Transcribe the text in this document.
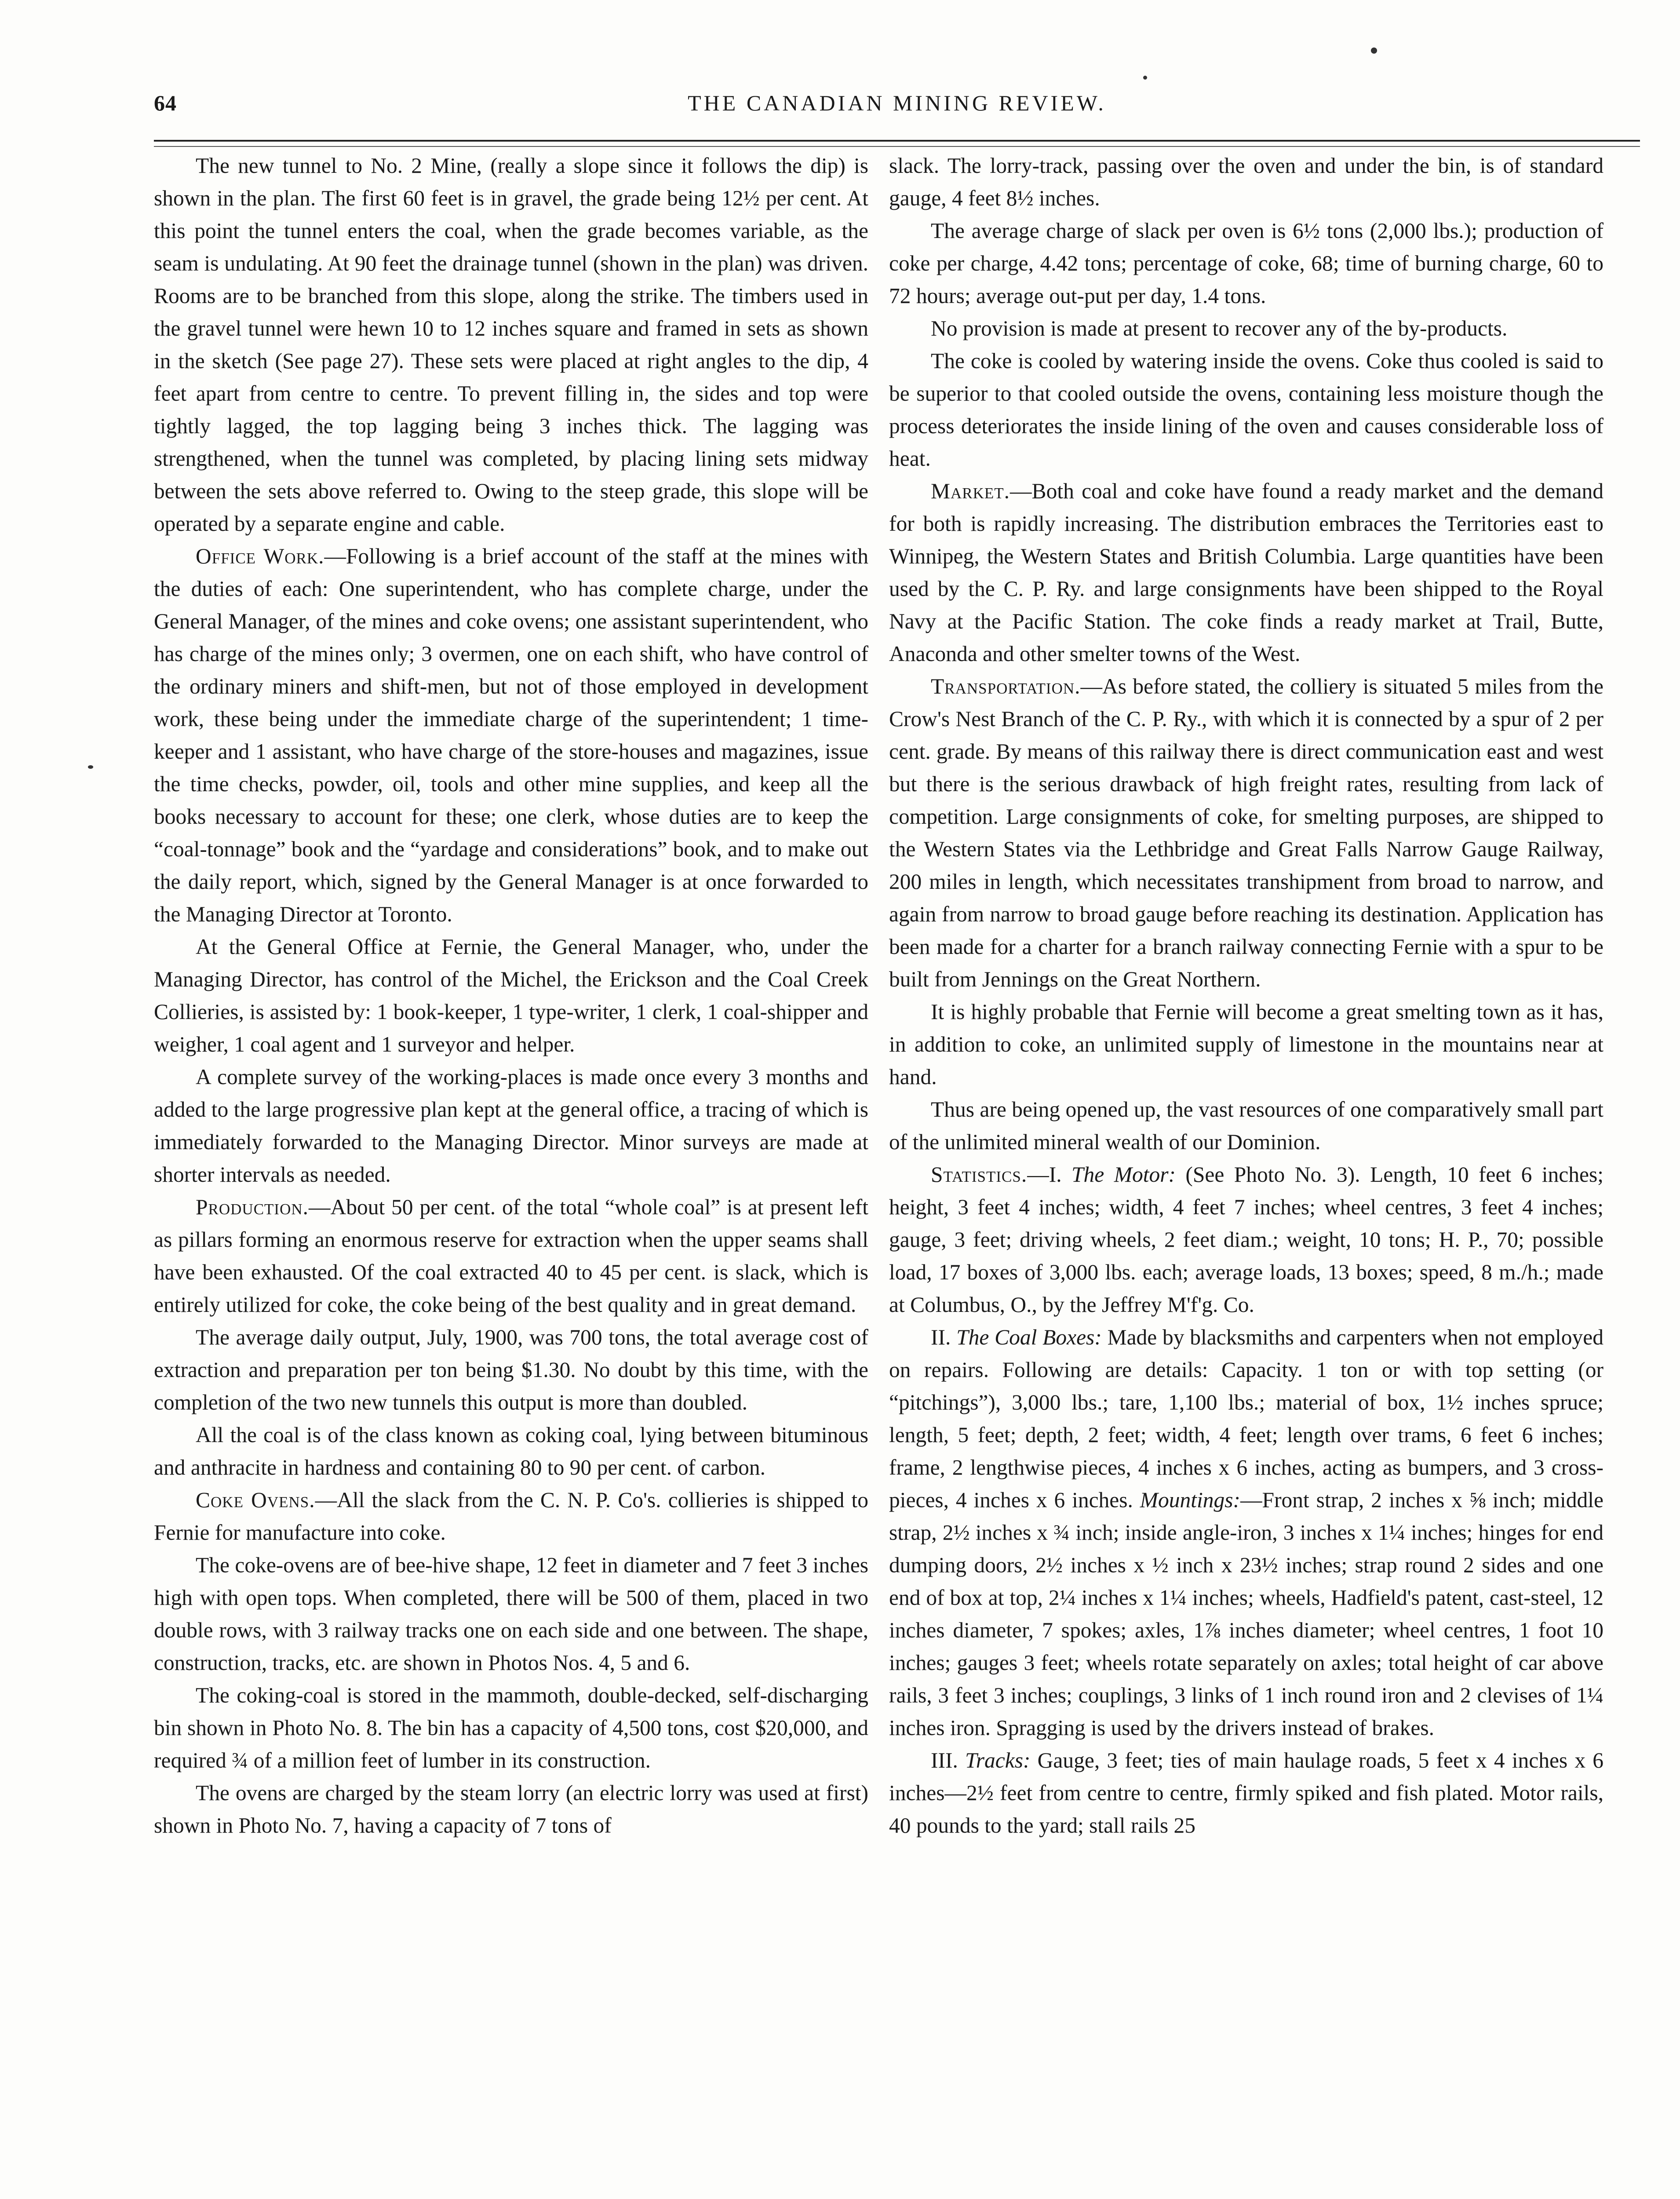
64	THE CANADIAN MINING REVIEW.

The new tunnel to No. 2 Mine, (really a slope since it follows the dip) is shown in the plan. The first 60 feet is in gravel, the grade being 12½ per cent. At this point the tunnel enters the coal, when the grade becomes variable, as the seam is undulating. At 90 feet the drainage tunnel (shown in the plan) was driven. Rooms are to be branched from this slope, along the strike. The timbers used in the gravel tunnel were hewn 10 to 12 inches square and framed in sets as shown in the sketch (See page 27). These sets were placed at right angles to the dip, 4 feet apart from centre to centre. To prevent filling in, the sides and top were tightly lagged, the top lagging being 3 inches thick. The lagging was strengthened, when the tunnel was completed, by placing lining sets midway between the sets above referred to. Owing to the steep grade, this slope will be operated by a separate engine and cable.

Office Work.—Following is a brief account of the staff at the mines with the duties of each: One superintendent, who has complete charge, under the General Manager, of the mines and coke ovens; one assistant superintendent, who has charge of the mines only; 3 overmen, one on each shift, who have control of the ordinary miners and shift-men, but not of those employed in development work, these being under the immediate charge of the superintendent; 1 time-keeper and 1 assistant, who have charge of the store-houses and magazines, issue the time checks, powder, oil, tools and other mine supplies, and keep all the books necessary to account for these; one clerk, whose duties are to keep the “coal-tonnage” book and the “yardage and considerations” book, and to make out the daily report, which, signed by the General Manager is at once forwarded to the Managing Director at Toronto.

At the General Office at Fernie, the General Manager, who, under the Managing Director, has control of the Michel, the Erickson and the Coal Creek Collieries, is assisted by: 1 book-keeper, 1 type-writer, 1 clerk, 1 coal-shipper and weigher, 1 coal agent and 1 surveyor and helper.

A complete survey of the working-places is made once every 3 months and added to the large progressive plan kept at the general office, a tracing of which is immediately forwarded to the Managing Director. Minor surveys are made at shorter intervals as needed.

Production.—About 50 per cent. of the total “whole coal” is at present left as pillars forming an enormous reserve for extraction when the upper seams shall have been exhausted. Of the coal extracted 40 to 45 per cent. is slack, which is entirely utilized for coke, the coke being of the best quality and in great demand.

The average daily output, July, 1900, was 700 tons, the total average cost of extraction and preparation per ton being $1.30. No doubt by this time, with the completion of the two new tunnels this output is more than doubled.

All the coal is of the class known as coking coal, lying between bituminous and anthracite in hardness and containing 80 to 90 per cent. of carbon.

Coke Ovens.—All the slack from the C. N. P. Co's. collieries is shipped to Fernie for manufacture into coke.

The coke-ovens are of bee-hive shape, 12 feet in diameter and 7 feet 3 inches high with open tops. When completed, there will be 500 of them, placed in two double rows, with 3 railway tracks one on each side and one between. The shape, construction, tracks, etc. are shown in Photos Nos. 4, 5 and 6.

The coking-coal is stored in the mammoth, double-decked, self-discharging bin shown in Photo No. 8. The bin has a capacity of 4,500 tons, cost $20,000, and required ¾ of a million feet of lumber in its construction.

The ovens are charged by the steam lorry (an electric lorry was used at first) shown in Photo No. 7, having a capacity of 7 tons of

slack. The lorry-track, passing over the oven and under the bin, is of standard gauge, 4 feet 8½ inches.

The average charge of slack per oven is 6½ tons (2,000 lbs.); production of coke per charge, 4.42 tons; percentage of coke, 68; time of burning charge, 60 to 72 hours; average out-put per day, 1.4 tons.

No provision is made at present to recover any of the by-products.

The coke is cooled by watering inside the ovens. Coke thus cooled is said to be superior to that cooled outside the ovens, containing less moisture though the process deteriorates the inside lining of the oven and causes considerable loss of heat.

Market.—Both coal and coke have found a ready market and the demand for both is rapidly increasing. The distribution embraces the Territories east to Winnipeg, the Western States and British Columbia. Large quantities have been used by the C. P. Ry. and large consignments have been shipped to the Royal Navy at the Pacific Station. The coke finds a ready market at Trail, Butte, Anaconda and other smelter towns of the West.

Transportation.—As before stated, the colliery is situated 5 miles from the Crow's Nest Branch of the C. P. Ry., with which it is connected by a spur of 2 per cent. grade. By means of this railway there is direct communication east and west but there is the serious drawback of high freight rates, resulting from lack of competition. Large consignments of coke, for smelting purposes, are shipped to the Western States via the Lethbridge and Great Falls Narrow Gauge Railway, 200 miles in length, which necessitates transhipment from broad to narrow, and again from narrow to broad gauge before reaching its destination. Application has been made for a charter for a branch railway connecting Fernie with a spur to be built from Jennings on the Great Northern.

It is highly probable that Fernie will become a great smelting town as it has, in addition to coke, an unlimited supply of limestone in the mountains near at hand.

Thus are being opened up, the vast resources of one comparatively small part of the unlimited mineral wealth of our Dominion.

Statistics.—I. The Motor: (See Photo No. 3). Length, 10 feet 6 inches; height, 3 feet 4 inches; width, 4 feet 7 inches; wheel centres, 3 feet 4 inches; gauge, 3 feet; driving wheels, 2 feet diam.; weight, 10 tons; H. P., 70; possible load, 17 boxes of 3,000 lbs. each; average loads, 13 boxes; speed, 8 m./h.; made at Columbus, O., by the Jeffrey M'f'g. Co.

II. The Coal Boxes: Made by blacksmiths and carpenters when not employed on repairs. Following are details: Capacity. 1 ton or with top setting (or “pitchings”), 3,000 lbs.; tare, 1,100 lbs.; material of box, 1½ inches spruce; length, 5 feet; depth, 2 feet; width, 4 feet; length over trams, 6 feet 6 inches; frame, 2 lengthwise pieces, 4 inches x 6 inches, acting as bumpers, and 3 cross-pieces, 4 inches x 6 inches. Mountings:—Front strap, 2 inches x ⅝ inch; middle strap, 2½ inches x ¾ inch; inside angle-iron, 3 inches x 1¼ inches; hinges for end dumping doors, 2½ inches x ½ inch x 23½ inches; strap round 2 sides and one end of box at top, 2¼ inches x 1¼ inches; wheels, Hadfield's patent, cast-steel, 12 inches diameter, 7 spokes; axles, 1⅞ inches diameter; wheel centres, 1 foot 10 inches; gauges 3 feet; wheels rotate separately on axles; total height of car above rails, 3 feet 3 inches; couplings, 3 links of 1 inch round iron and 2 clevises of 1¼ inches iron. Spragging is used by the drivers instead of brakes.

III. Tracks: Gauge, 3 feet; ties of main haulage roads, 5 feet x 4 inches x 6 inches—2½ feet from centre to centre, firmly spiked and fish plated. Motor rails, 40 pounds to the yard; stall rails 25
